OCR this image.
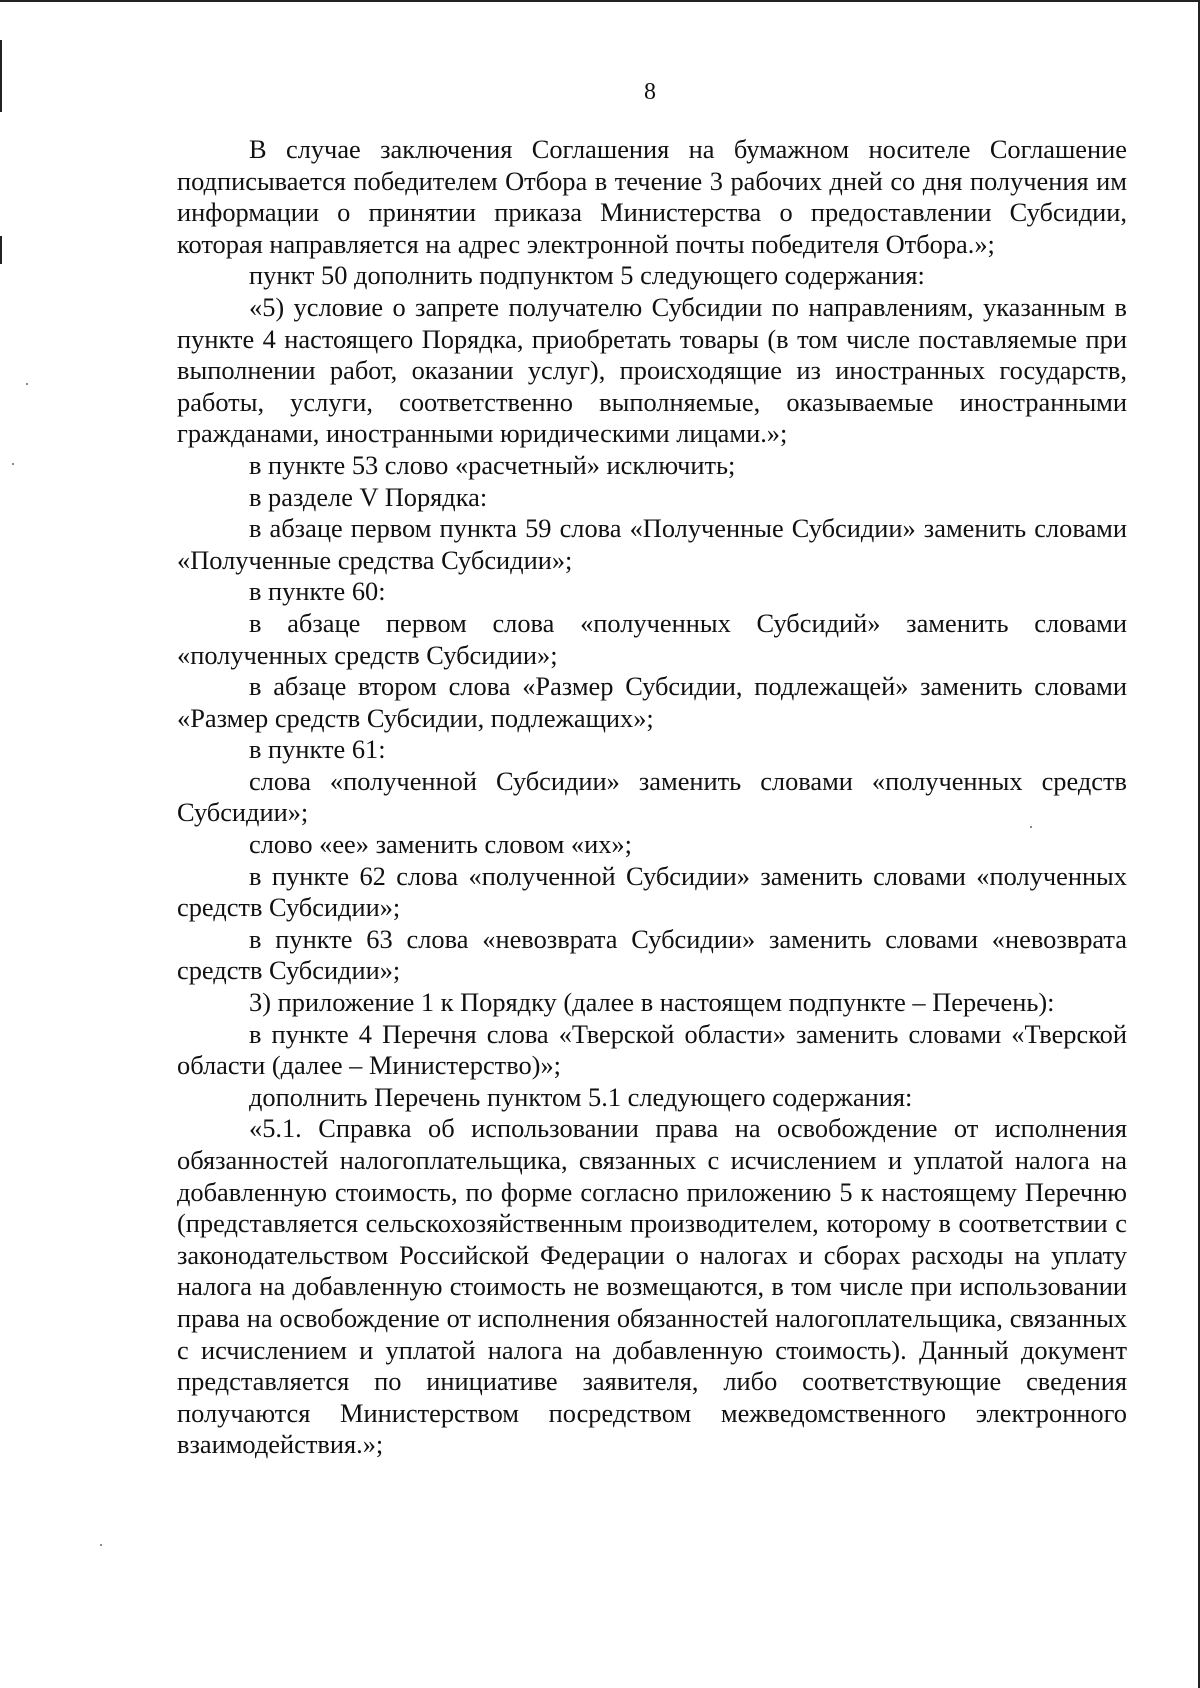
8

В случае заключения Соглашения на бумажном носителе Соглашение подписывается победителем Отбора в течение 3 рабочих дней со дня получения им информации о принятии приказа Министерства о предоставлении Субсидии, которая направляется на адрес электронной почты победителя Отбора.»;

пункт 50 дополнить подпунктом 5 следующего содержания:

«5) условие о запрете получателю Субсидии по направлениям, указанным в пункте 4 настоящего Порядка, приобретать товары (в том числе поставляемые при выполнении работ, оказании услуг), происходящие из иностранных государств, работы, услуги, соответственно выполняемые, оказываемые иностранными гражданами, иностранными юридическими лицами.»;

в пункте 53 слово «расчетный» исключить;

в разделе V Порядка:

в абзаце первом пункта 59 слова «Полученные Субсидии» заменить словами «Полученные средства Субсидии»;

в пункте 60:

в абзаце первом слова «полученных Субсидий» заменить словами «полученных средств Субсидии»;

в абзаце втором слова «Размер Субсидии, подлежащей» заменить словами «Размер средств Субсидии, подлежащих»;

в пункте 61:

слова «полученной Субсидии» заменить словами «полученных средств Субсидии»;

слово «ее» заменить словом «их»;

в пункте 62 слова «полученной Субсидии» заменить словами «полученных средств Субсидии»;

в пункте 63 слова «невозврата Субсидии» заменить словами «невозврата средств Субсидии»;

3) приложение 1 к Порядку (далее в настоящем подпункте – Перечень):

в пункте 4 Перечня слова «Тверской области» заменить словами «Тверской области (далее – Министерство)»;

дополнить Перечень пунктом 5.1 следующего содержания:

«5.1. Справка об использовании права на освобождение от исполнения обязанностей налогоплательщика, связанных с исчислением и уплатой налога на добавленную стоимость, по форме согласно приложению 5 к настоящему Перечню (представляется сельскохозяйственным производителем, которому в соответствии с законодательством Российской Федерации о налогах и сборах расходы на уплату налога на добавленную стоимость не возмещаются, в том числе при использовании права на освобождение от исполнения обязанностей налогоплательщика, связанных с исчислением и уплатой налога на добавленную стоимость). Данный документ представляется по инициативе заявителя, либо соответствующие сведения получаются Министерством посредством межведомственного электронного взаимодействия.»;
